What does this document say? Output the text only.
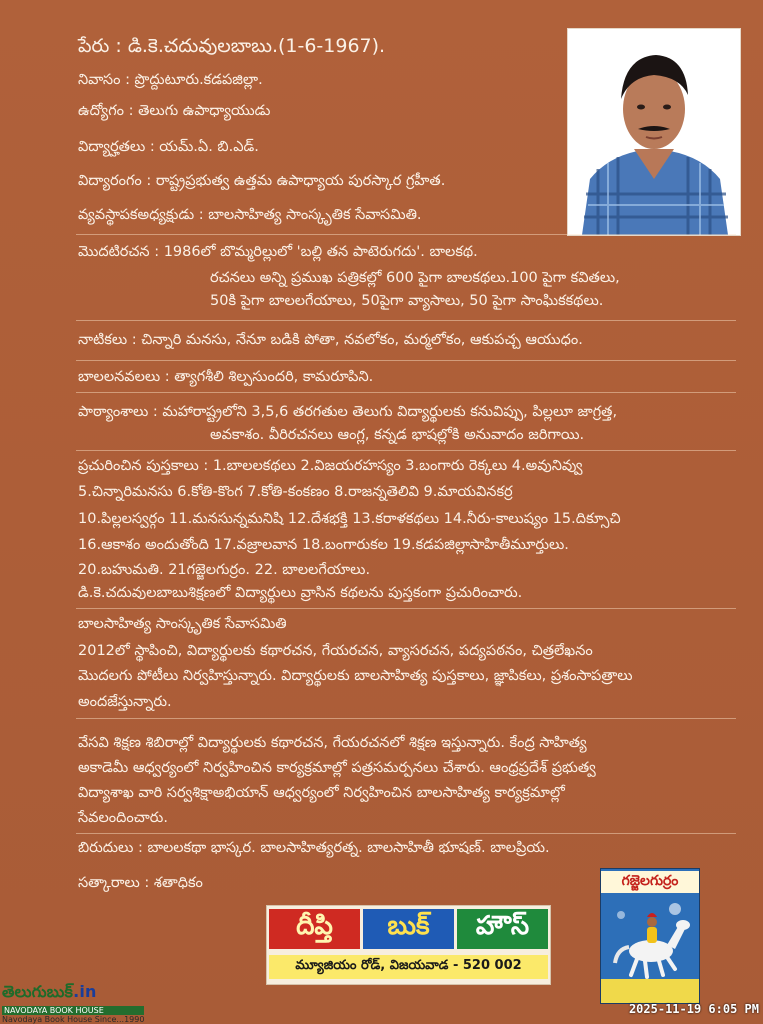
పేరు : డి.కె.చదువులబాబు.(1-6-1967).
నివాసం : ప్రొద్దుటూరు.కడపజిల్లా.
ఉద్యోగం : తెలుగు ఉపాధ్యాయుడు
విద్యార్హతలు : యమ్.ఏ. బి.ఎడ్.
విద్యారంగం : రాష్ట్రప్రభుత్వ ఉత్తమ ఉపాధ్యాయ పురస్కార గ్రహీత.
వ్యవస్థాపకఅధ్యక్షుడు : బాలసాహిత్య సాంస్కృతిక సేవాసమితి.
మొదటిరచన : 1986లో బొమ్మరిల్లులో 'బల్లి తన పాటెరుగదు'. బాలకథ.
రచనలు అన్ని ప్రముఖ పత్రికల్లో 600 పైగా బాలకథలు.100 పైగా కవితలు,
50కి పైగా బాలలగేయాలు, 50పైగా వ్యాసాలు, 50 పైగా సాంఘికకథలు.
నాటికలు : చిన్నారి మనసు, నేనూ బడికి పోతా, నవలోకం, మర్మలోకం, ఆకుపచ్చ ఆయుధం.
బాలలనవలలు : త్యాగశీలి శిల్పసుందరి, కామరూపిని.
పాఠ్యాంశాలు : మహారాష్ట్రలోని 3,5,6 తరగతుల తెలుగు విద్యార్థులకు కనువిప్పు, పిల్లలూ జాగ్రత్త,
అవకాశం. వీరిరచనలు ఆంగ్ల, కన్నడ భాషల్లోకి అనువాదం జరిగాయి.
ప్రచురించిన పుస్తకాలు : 1.బాలలకథలు 2.విజయరహస్యం 3.బంగారు రెక్కలు 4.అవునివ్వు
5.చిన్నారిమనసు 6.కోతి-కొంగ 7.కోతి-కంకణం 8.రాజన్నతెలివి 9.మాయవినకర్ర
10.పిల్లలస్వర్గం 11.మనసున్నమనిషి 12.దేశభక్తి 13.కరాళకథలు 14.నీరు-కాలుష్యం 15.దిక్సూచి
16.ఆకాశం అందుతోంది 17.వజ్రాలవాన 18.బంగారుకల 19.కడపజిల్లాసాహితీమూర్తులు.
20.బహుమతి. 21గజ్జెలగుర్రం. 22. బాలలగేయాలు.
డి.కె.చదువులబాబుశిక్షణలో విద్యార్థులు వ్రాసిన కథలను పుస్తకంగా ప్రచురించారు.
బాలసాహిత్య సాంస్కృతిక సేవాసమితి
2012లో స్థాపించి, విద్యార్థులకు కథారచన, గేయరచన, వ్యాసరచన, పద్యపఠనం, చిత్రలేఖనం
మొదలగు పోటీలు నిర్వహిస్తున్నారు. విద్యార్థులకు బాలసాహిత్య పుస్తకాలు, జ్ఞాపికలు, ప్రశంసాపత్రాలు
అందజేస్తున్నారు.
వేసవి శిక్షణ శిబిరాల్లో విద్యార్థులకు కథారచన, గేయరచనలో శిక్షణ ఇస్తున్నారు. కేంద్ర సాహిత్య
అకాడెమీ ఆధ్వర్యంలో నిర్వహించిన కార్యక్రమాల్లో పత్రసమర్పనలు చేశారు. ఆంధ్రప్రదేశ్ ప్రభుత్వ
విద్యాశాఖ వారి సర్వశిక్షాఅభియాన్ ఆధ్వర్యంలో నిర్వహించిన బాలసాహిత్య కార్యక్రమాల్లో
సేవలందించారు.
బిరుదులు : బాలలకథా భాస్కర. బాలసాహిత్యరత్న. బాలసాహితీ భూషణ్. బాలప్రియ.
సత్కారాలు : శతాధికం
దీప్తి	బుక్	హౌస్
మ్యూజియం రోడ్, విజయవాడ - 520 002
గజ్జెలగుర్రం
తెలుగుబుక్.in
NAVODAYA BOOK HOUSE
Navodaya Book House Since...1990
2025-11-19 6:05 PM
